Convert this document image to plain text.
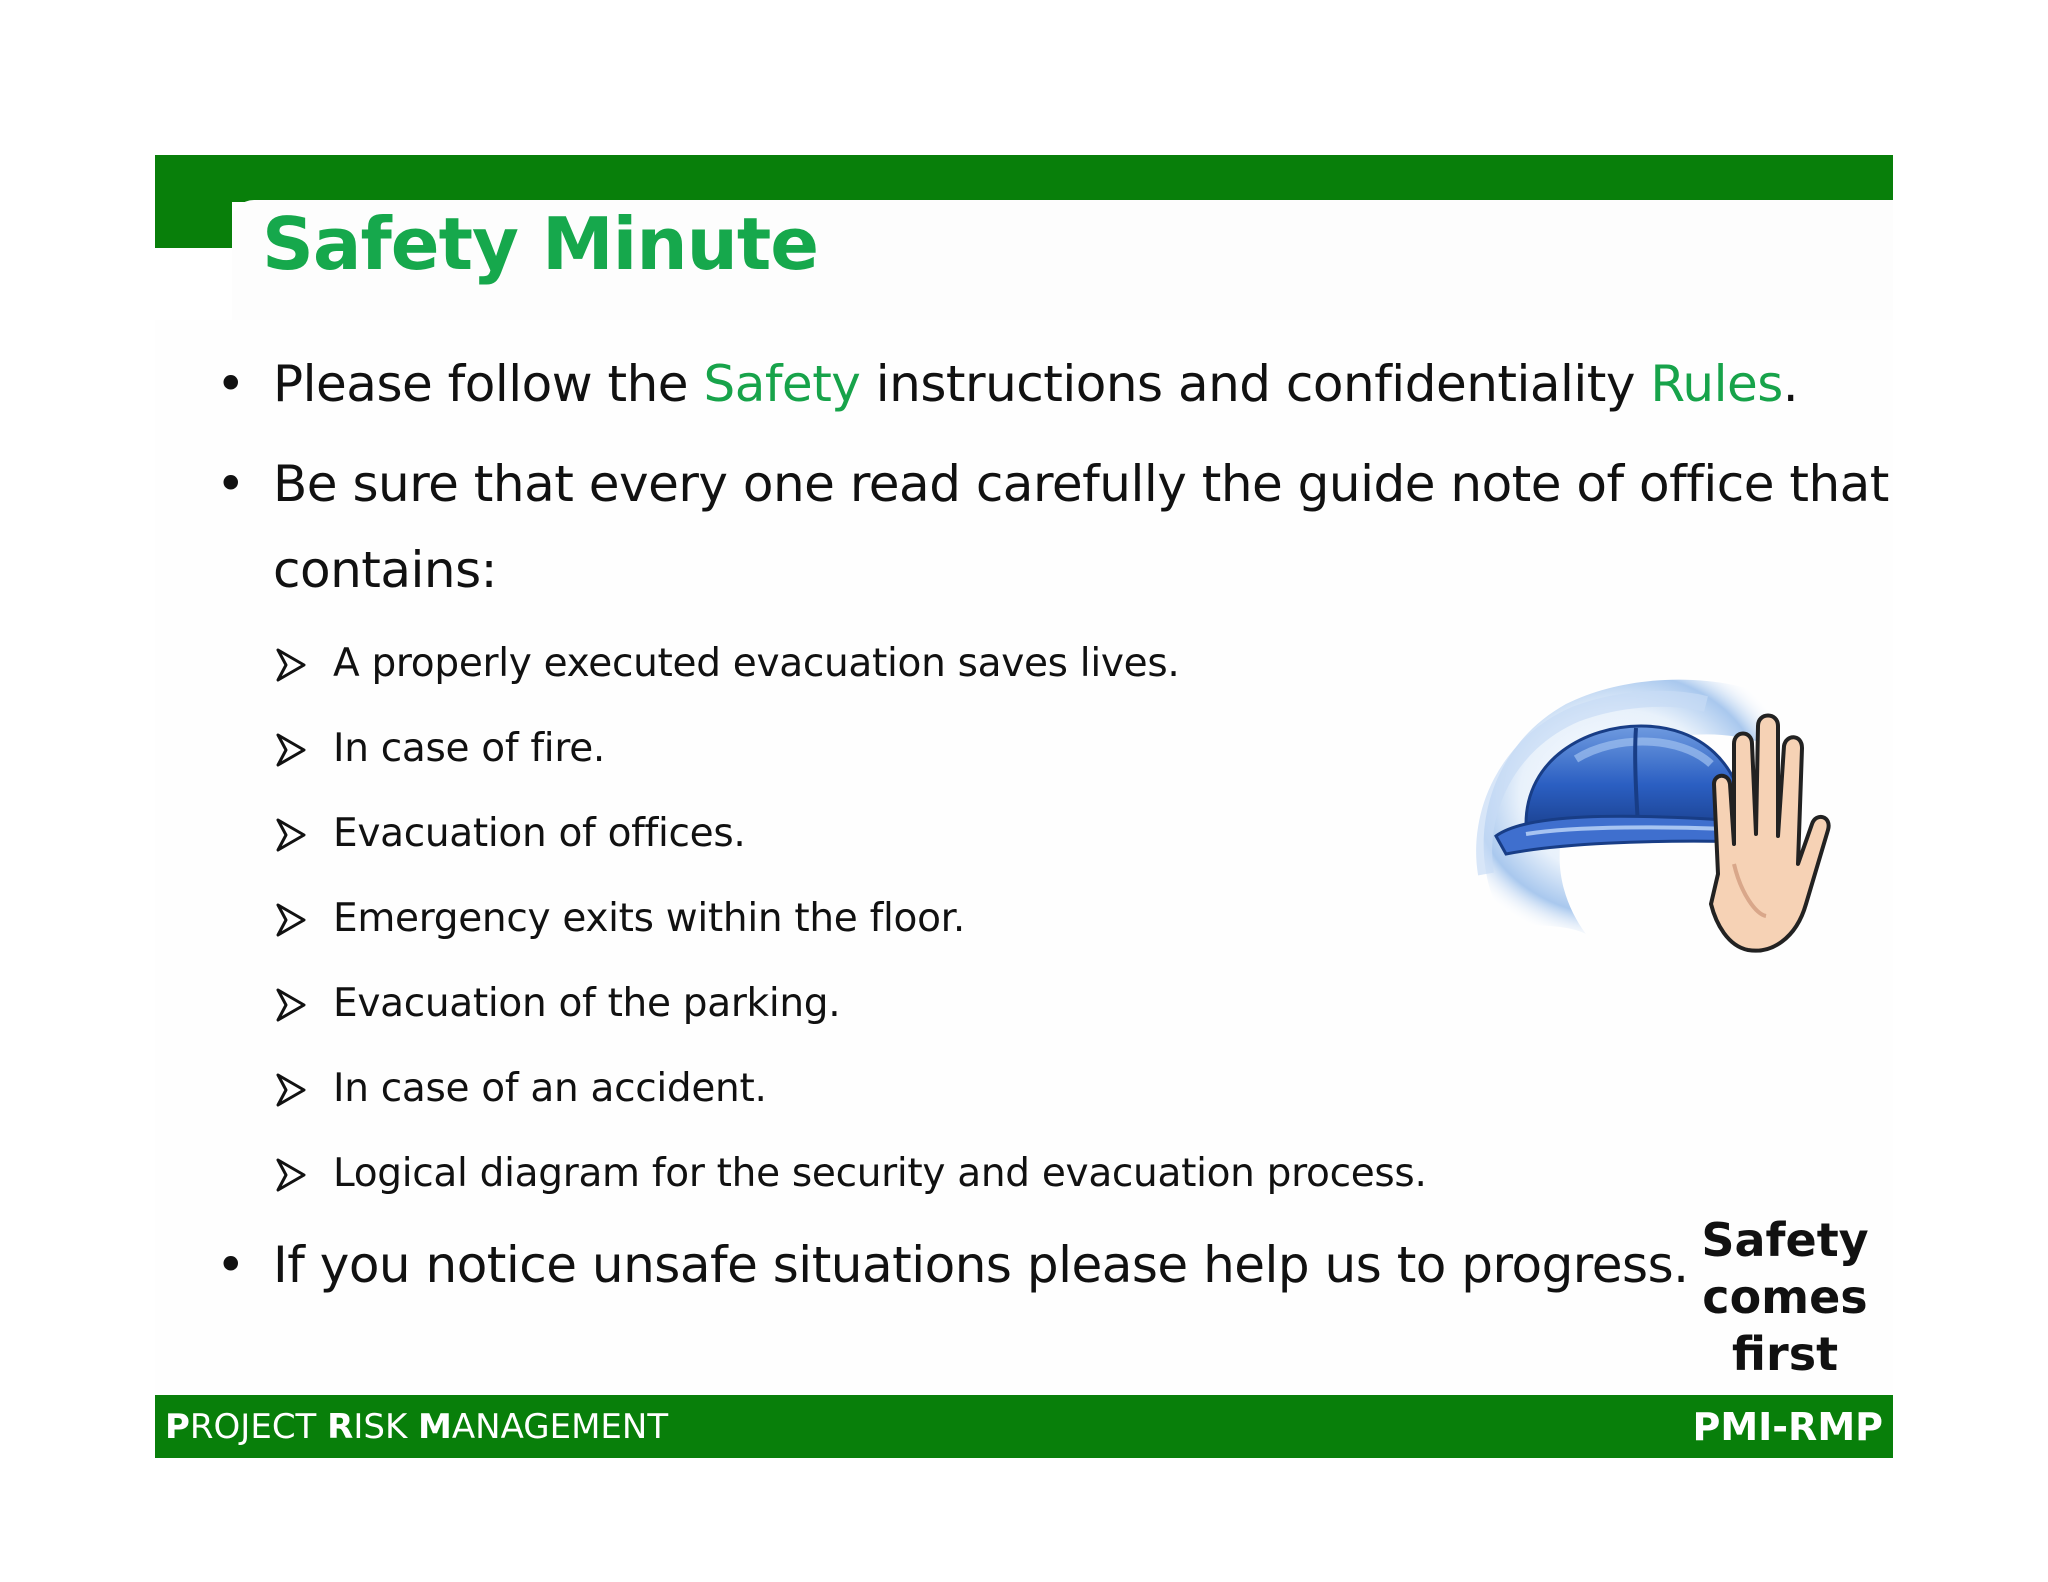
Safety Minute
• Please follow the Safety instructions and confidentiality Rules.
• Be sure that every one read carefully the guide note of office that
contains:
A properly executed evacuation saves lives.
In case of fire.
Evacuation of offices.
Emergency exits within the floor.
Evacuation of the parking.
In case of an accident.
Logical diagram for the security and evacuation process.
• If you notice unsafe situations please help us to progress. Safety
comes
first
PROJECT RISK MANAGEMENT	PMI-RMP
